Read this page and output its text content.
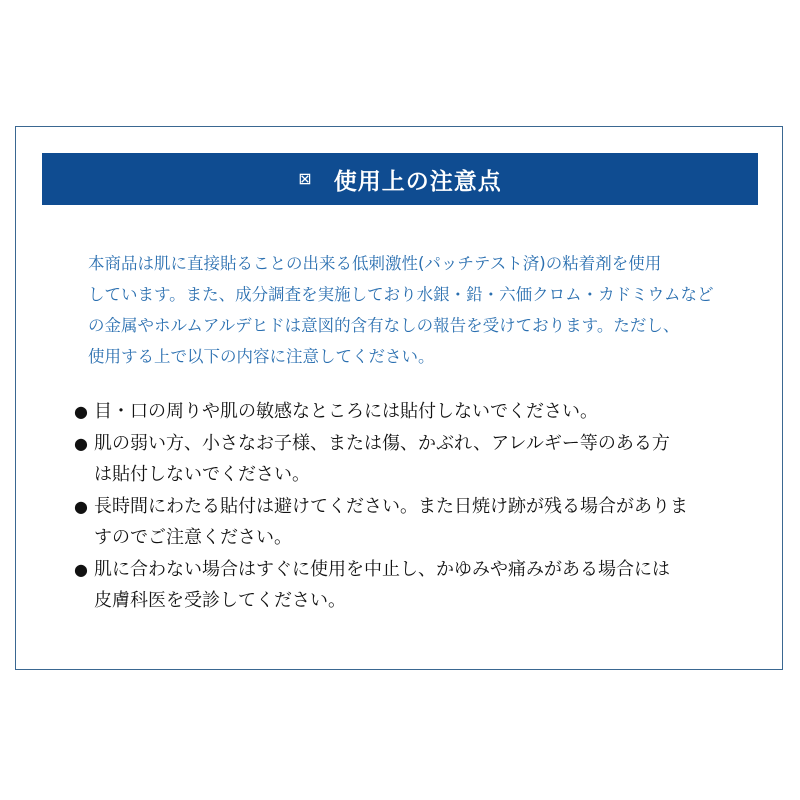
⊠ 使用上の注意点

本商品は肌に直接貼ることの出来る低刺激性(パッチテスト済)の粘着剤を使用
しています。また、成分調査を実施しており水銀・鉛・六価クロム・カドミウムなど
の金属やホルムアルデヒドは意図的含有なしの報告を受けております。ただし、
使用する上で以下の内容に注意してください。

● 目・口の周りや肌の敏感なところには貼付しないでください。
● 肌の弱い方、小さなお子様、または傷、かぶれ、アレルギー等のある方
は貼付しないでください。
● 長時間にわたる貼付は避けてください。また日焼け跡が残る場合がありま
すのでご注意ください。
● 肌に合わない場合はすぐに使用を中止し、かゆみや痛みがある場合には
皮膚科医を受診してください。
